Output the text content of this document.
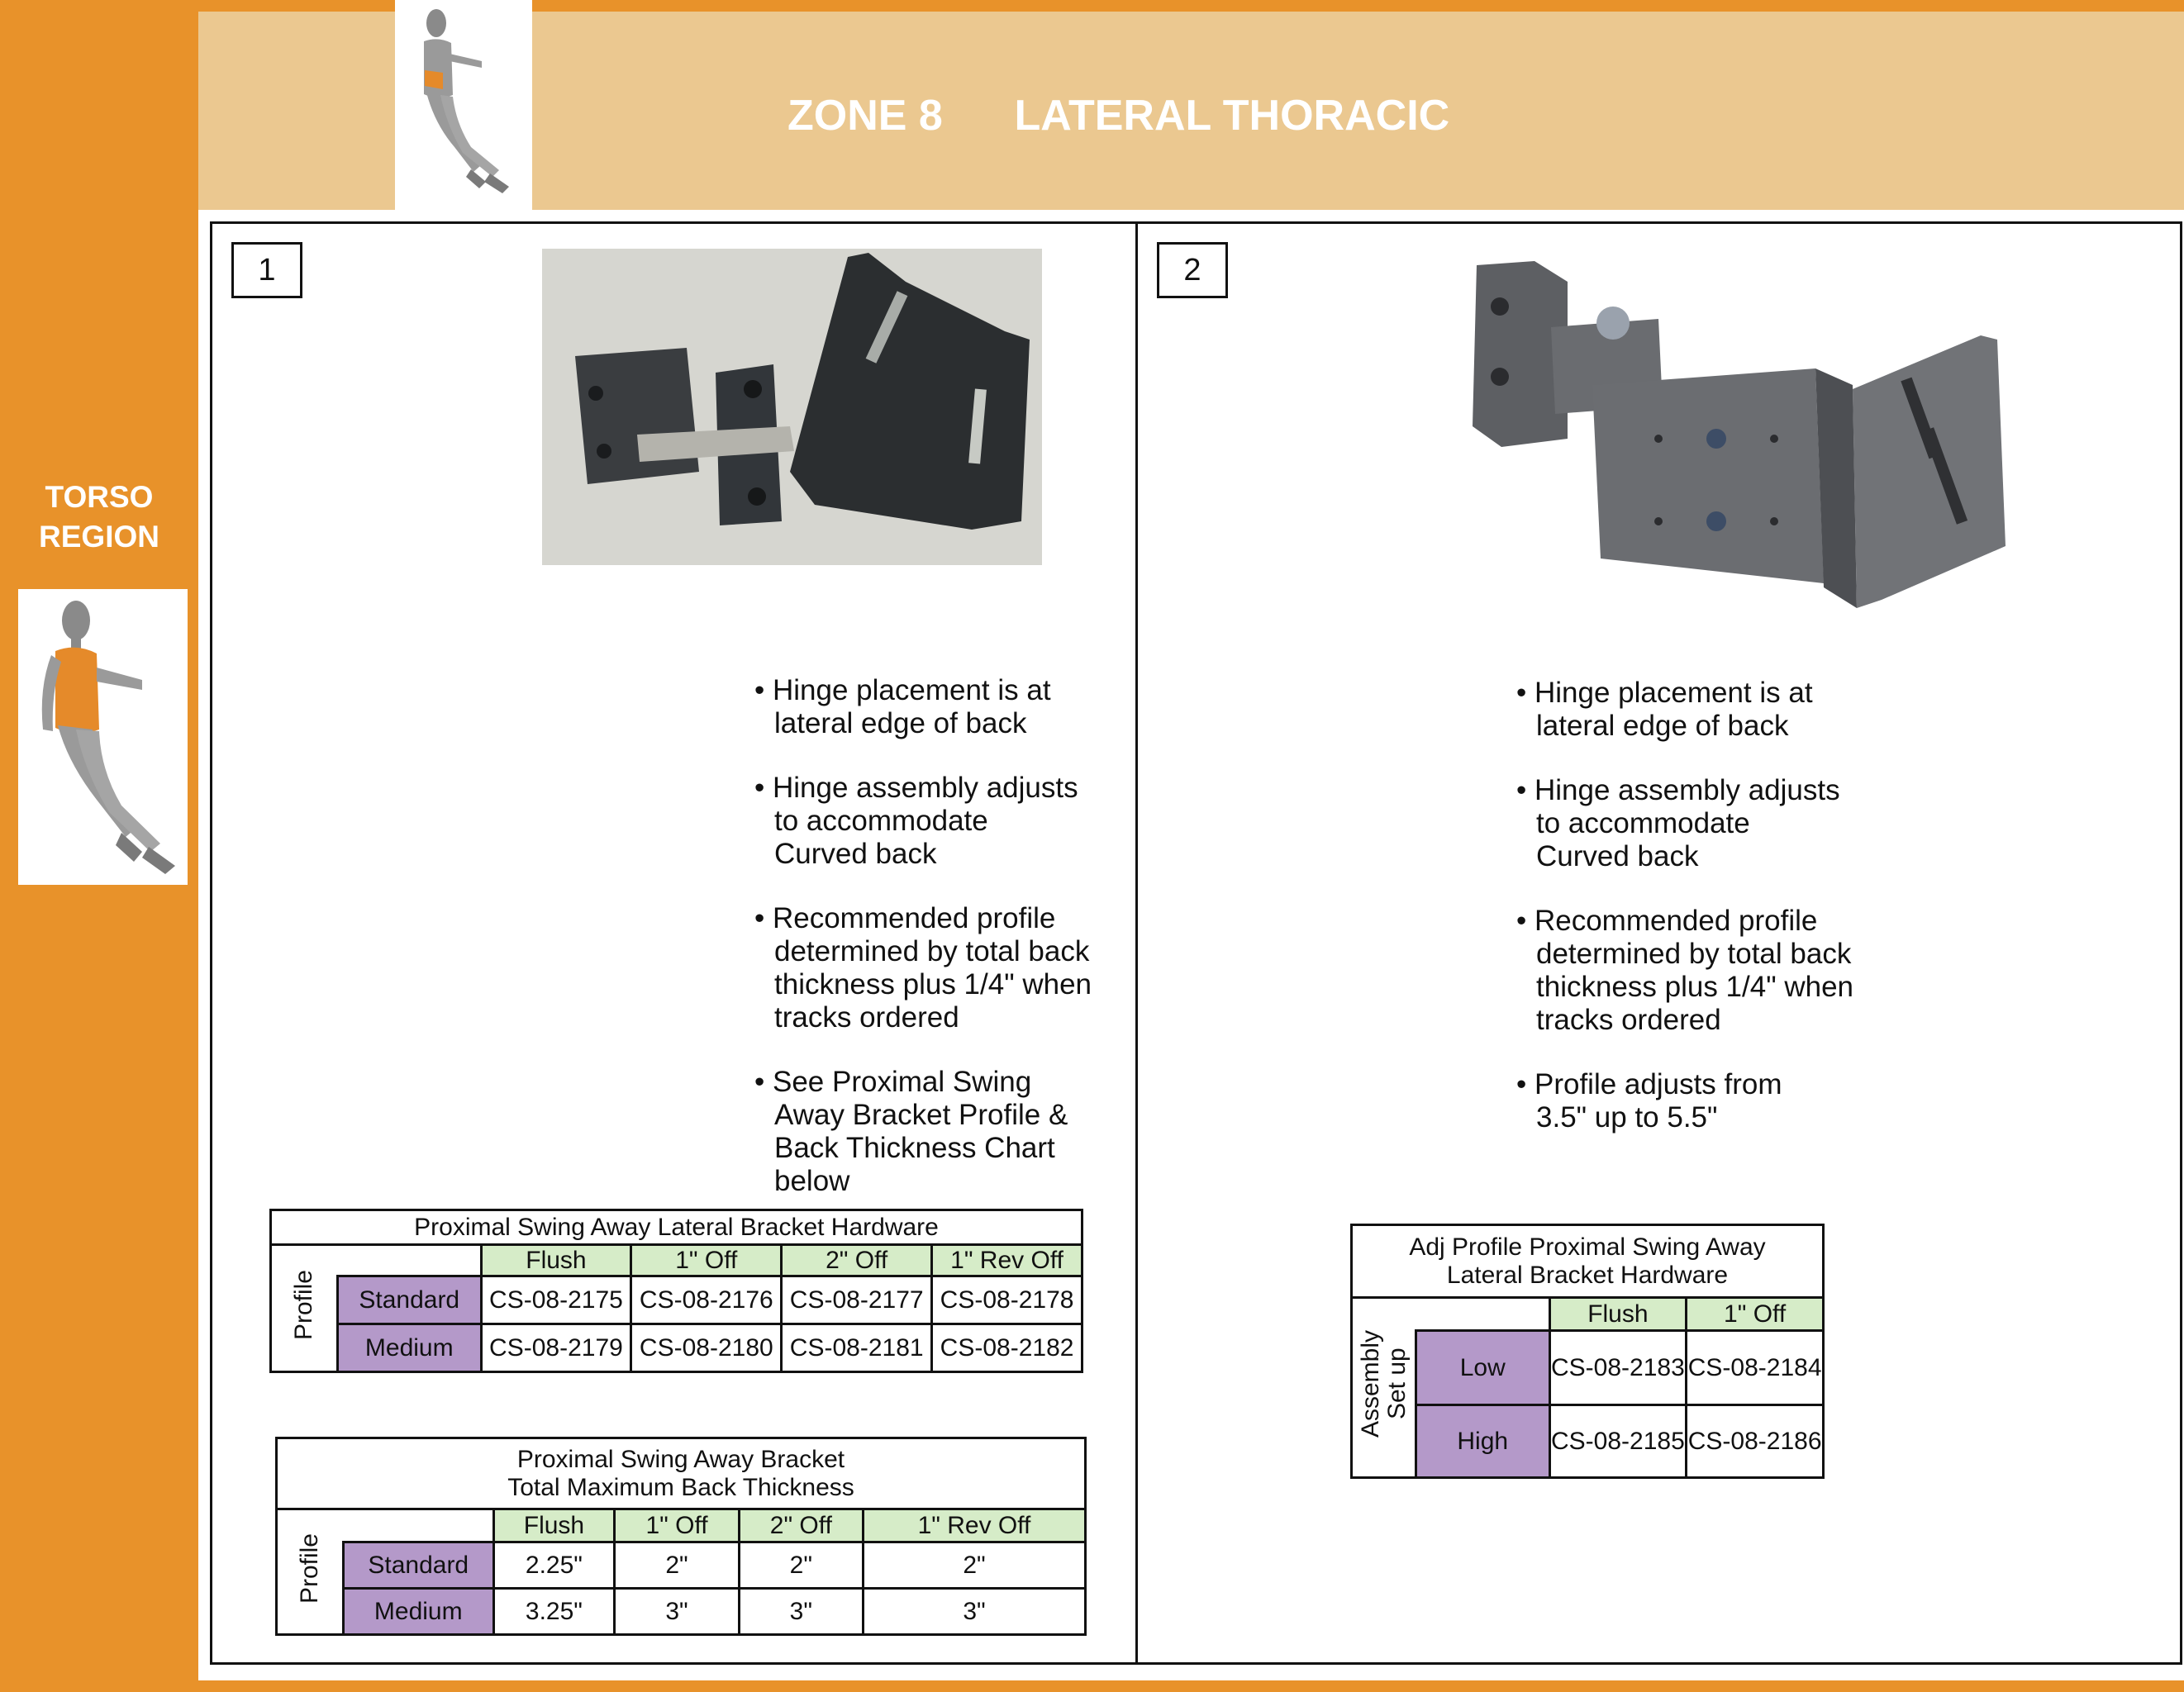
TORSO
REGION
ZONE 8 LATERAL THORACIC
1
• Hinge placement is at
lateral edge of back
• Hinge assembly adjusts
to accommodate
Curved back
• Recommended profile
determined by total back
thickness plus 1/4" when
tracks ordered
• See Proximal Swing
Away Bracket Profile &
Back Thickness Chart
below
Proximal Swing Away Lateral Bracket Hardware					
Profile		Flush	1" Off	2" Off	1" Rev Off
	Standard	CS-08-2175	CS-08-2176	CS-08-2177	CS-08-2178
	Medium	CS-08-2179	CS-08-2180	CS-08-2181	CS-08-2182
Proximal Swing Away Bracket
Total Maximum Back Thickness					

Profile		Flush	1" Off	2" Off	1" Rev Off
	Standard	2.25"	2"	2"	2"
	Medium	3.25"	3"	3"	3"
2
• Hinge placement is at
lateral edge of back
• Hinge assembly adjusts
to accommodate
Curved back
• Recommended profile
determined by total back
thickness plus 1/4" when
tracks ordered
• Profile adjusts from
3.5" up to 5.5"
Adj Profile Proximal Swing Away
Lateral Bracket Hardware			

Assembly
Set up		Flush	1" Off
	Low	CS-08-2183	CS-08-2184
	High	CS-08-2185	CS-08-2186
